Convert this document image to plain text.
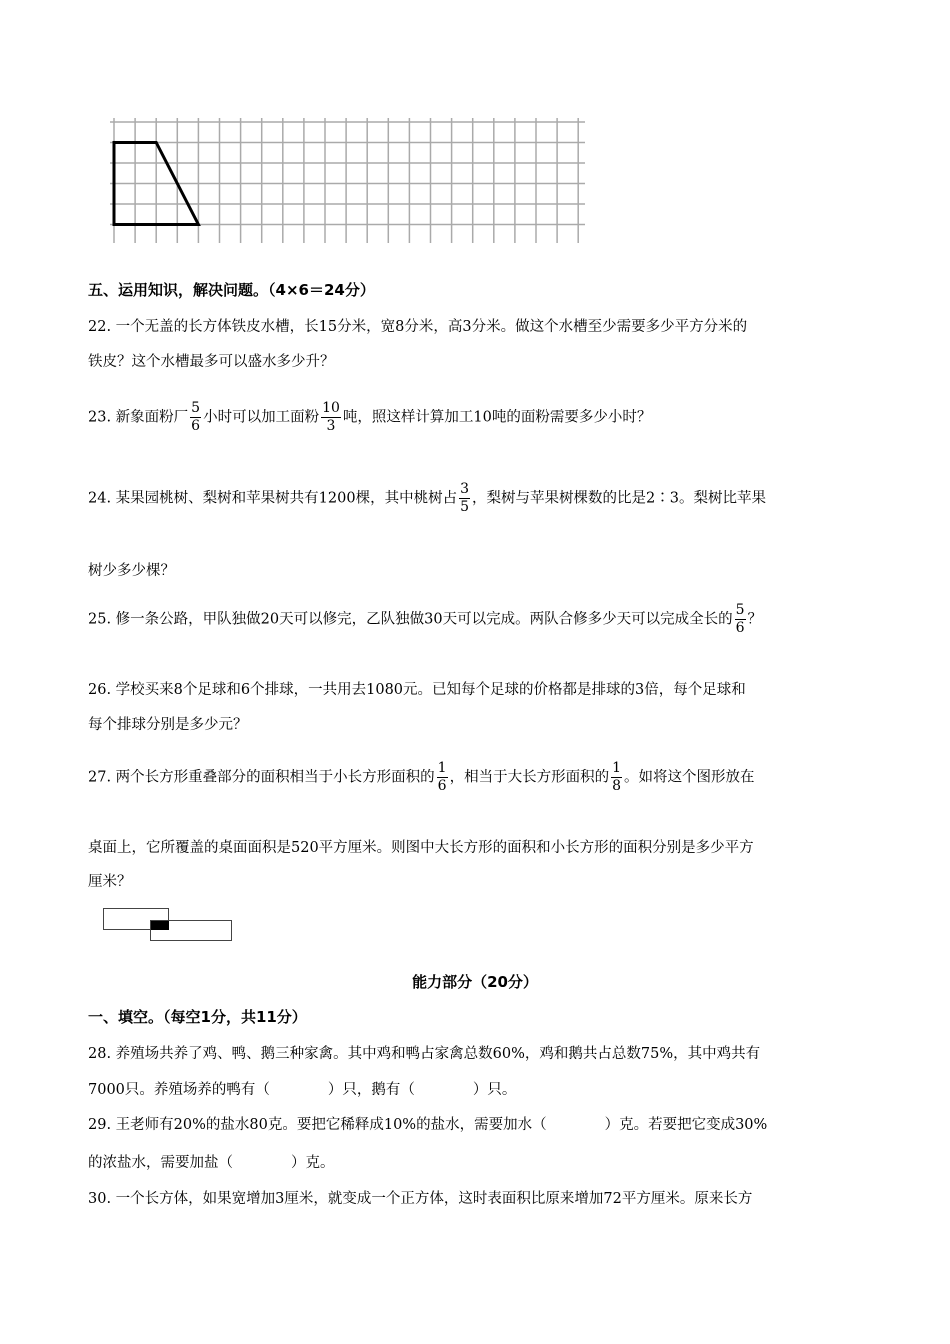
五、运用知识，解决问题。（4×6＝24分）
22. 一个无盖的长方体铁皮水槽，长15分米，宽8分米，高3分米。做这个水槽至少需要多少平方分米的
铁皮？这个水槽最多可以盛水多少升？
23. 新象面粉厂 $\frac{5}{6}$ 小时可以加工面粉 $\frac{10}{3}$ 吨，照这样计算加工10吨的面粉需要多少小时？
24. 某果园桃树、梨树和苹果树共有1200棵，其中桃树占 $\frac{3}{5}$ ，梨树与苹果树棵数的比是2∶3。梨树比苹果
树少多少棵？
25. 修一条公路，甲队独做20天可以修完，乙队独做30天可以完成。两队合修多少天可以完成全长的 $\frac{5}{6}$ ？
26. 学校买来8个足球和6个排球，一共用去1080元。已知每个足球的价格都是排球的3倍，每个足球和
每个排球分别是多少元？
27. 两个长方形重叠部分的面积相当于小长方形面积的 $\frac{1}{6}$ ，相当于大长方形面积的 $\frac{1}{8}$ 。如将这个图形放在
桌面上，它所覆盖的桌面面积是520平方厘米。则图中大长方形的面积和小长方形的面积分别是多少平方
厘米？
能力部分（20分）
一、填空。（每空1分，共11分）
28. 养殖场共养了鸡、鸭、鹅三种家禽。其中鸡和鸭占家禽总数60%，鸡和鹅共占总数75%，其中鸡共有
7000只。养殖场养的鸭有（　　　　）只，鹅有（　　　　）只。
29. 王老师有20%的盐水80克。要把它稀释成10%的盐水，需要加水（　　　　）克。若要把它变成30%
的浓盐水，需要加盐（　　　　）克。
30. 一个长方体，如果宽增加3厘米，就变成一个正方体，这时表面积比原来增加72平方厘米。原来长方
